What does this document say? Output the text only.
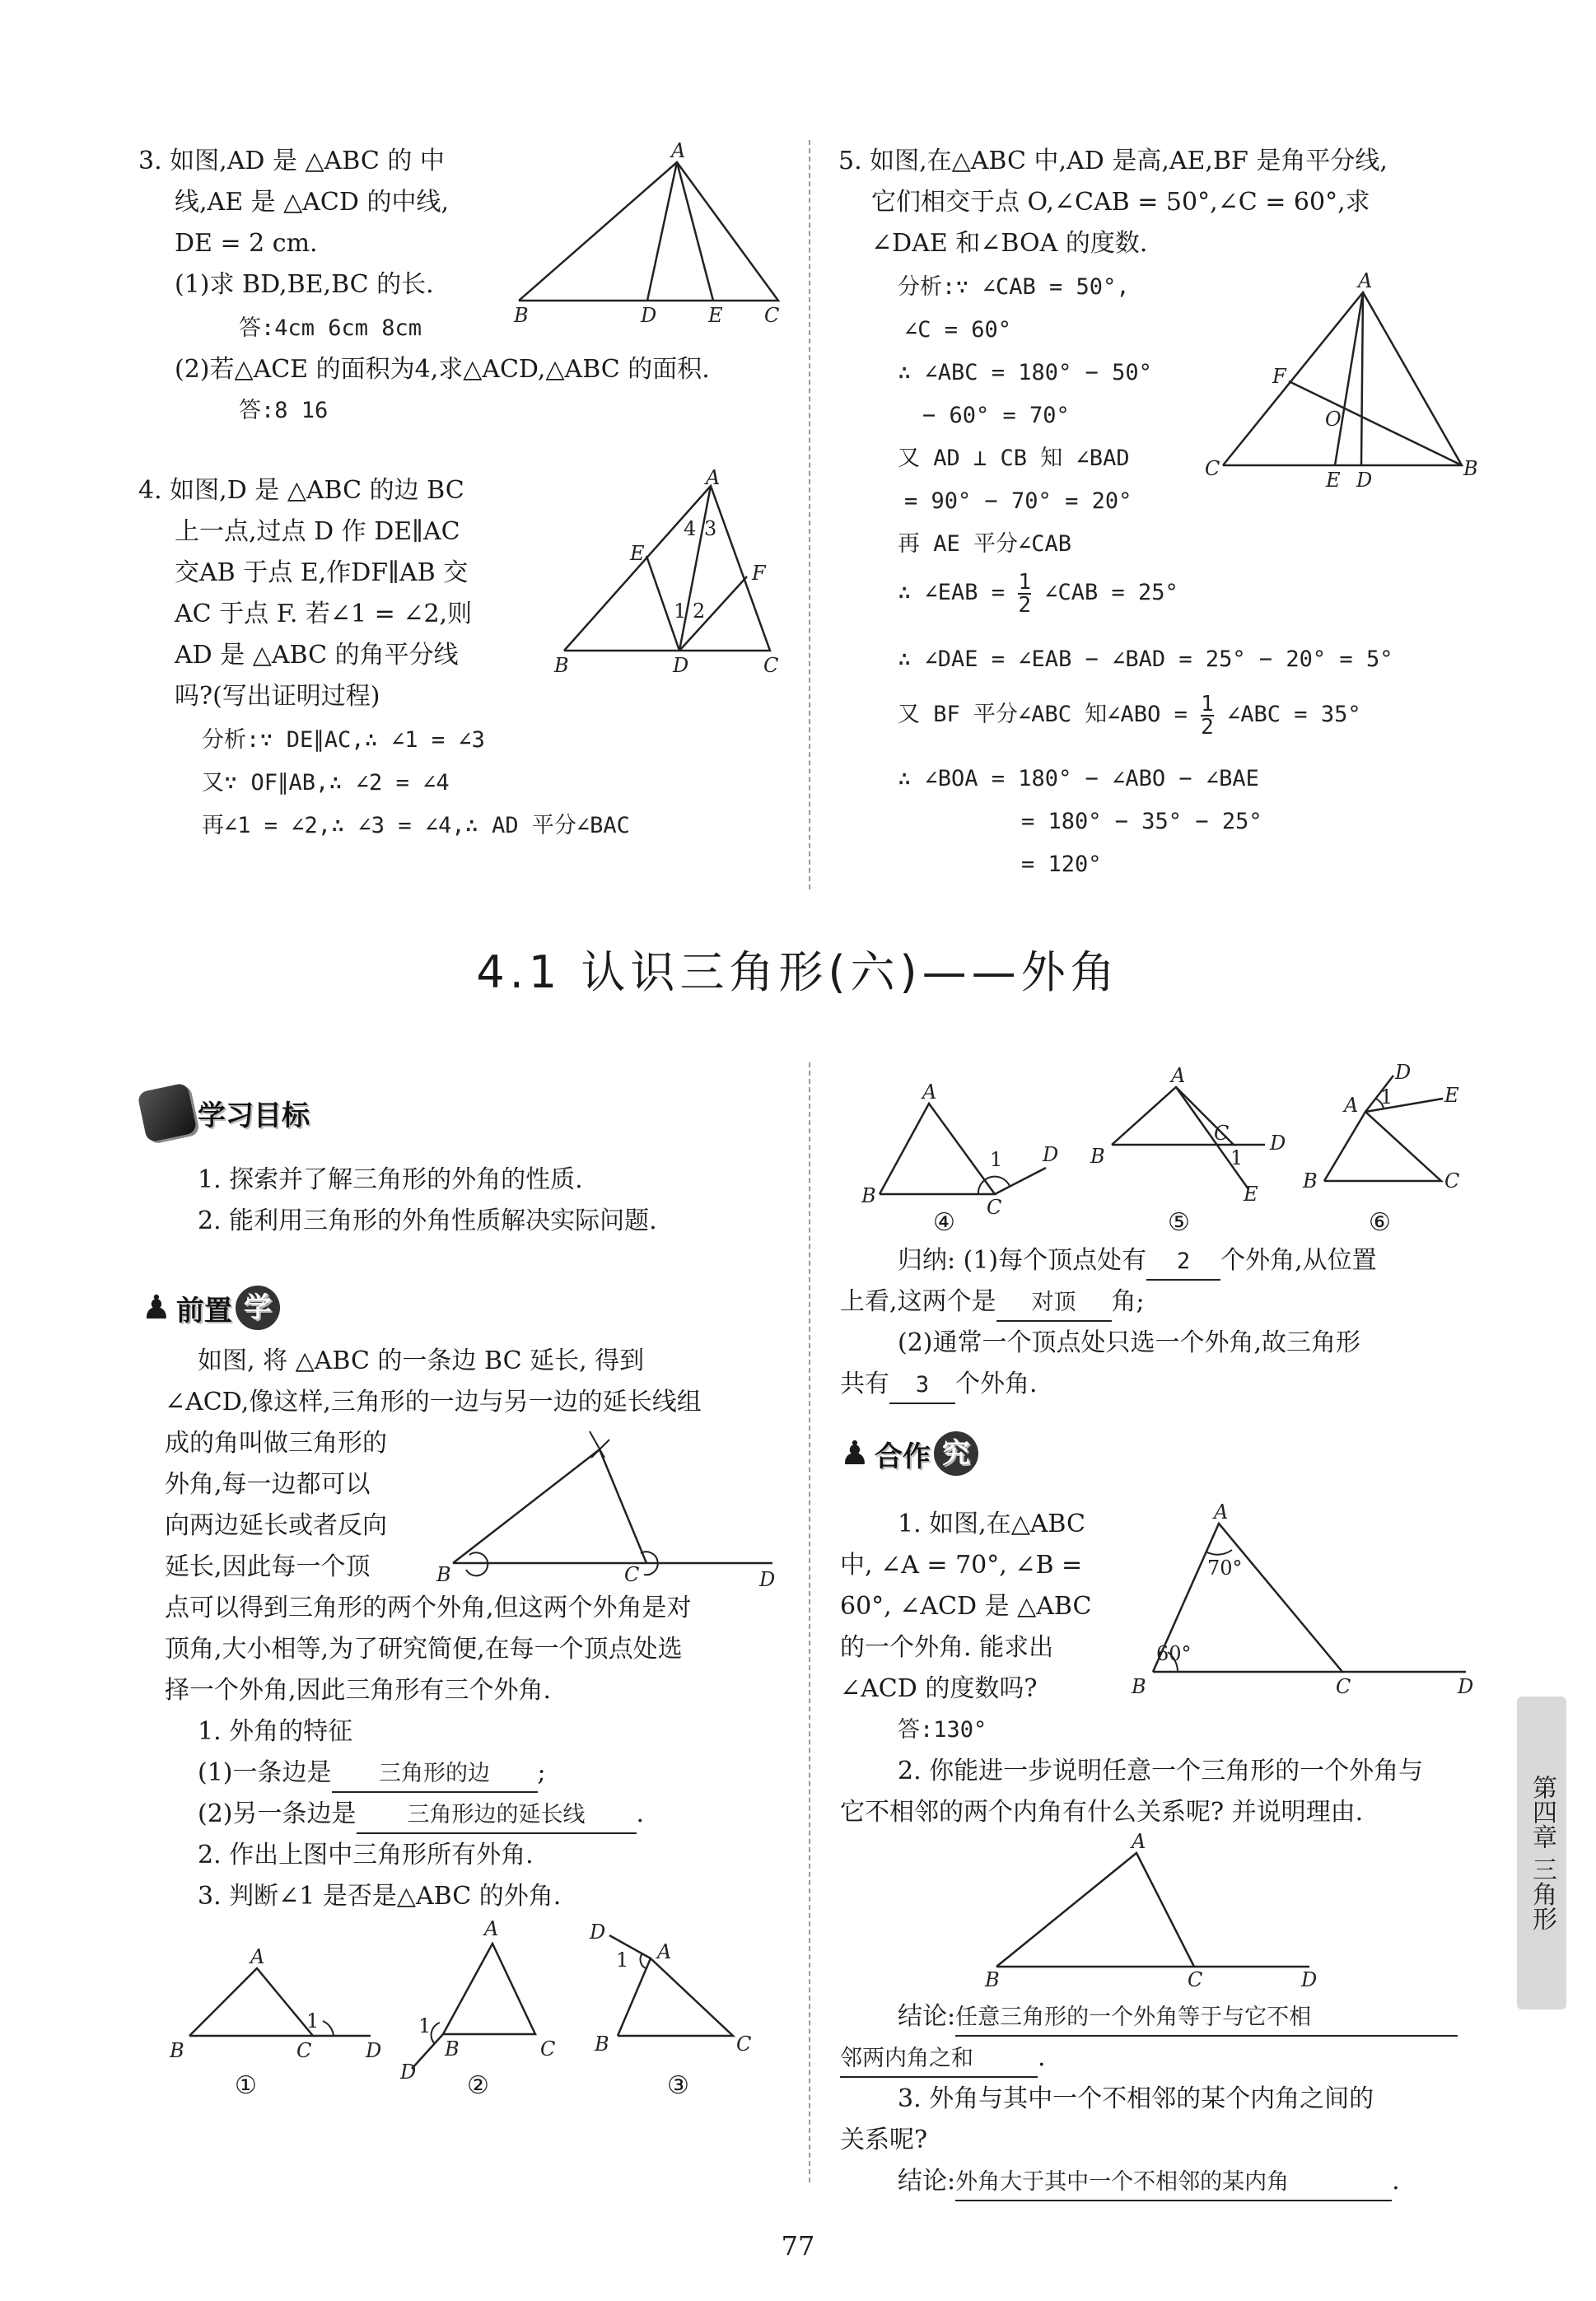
3. 如图,AD 是 △ABC 的 中
线,AE 是 △ACD 的中线,
DE = 2 cm.
(1)求 BD,BE,BC 的长.
答:4cm 6cm 8cm
(2)若△ACE 的面积为4,求△ACD,△ABC 的面积.
答:8 16
A
B	D	E C
4. 如图,D 是 △ABC 的边 BC
上一点,过点 D 作 DE∥AC
交AB 于点 E,作DF∥AB 交
AC 于点 F. 若∠1 = ∠2,则
AD 是 △ABC 的角平分线
吗?(写出证明过程)
分析:∵ DE∥AC,∴ ∠1 = ∠3
又∵ OF∥AB,∴ ∠2 = ∠4
再∠1 = ∠2,∴ ∠3 = ∠4,∴ AD 平分∠BAC
A
B	D	C
E
F
4 3
1 2
5. 如图,在△ABC 中,AD 是高,AE,BF 是角平分线,
它们相交于点 O,∠CAB = 50°,∠C = 60°,求
∠DAE 和∠BOA 的度数.
分析:∵ ∠CAB = 50°,
∠C = 60°
∴ ∠ABC = 180° − 50°
− 60° = 70°
又 AD ⊥ CB 知 ∠BAD
= 90° − 70° = 20°
再 AE 平分∠CAB
∴ ∠EAB = $\frac{1}{2}$ ∠CAB = 25°
∴ ∠DAE = ∠EAB − ∠BAD = 25° − 20° = 5°
又 BF 平分∠ABC 知∠ABO = $\frac{1}{2}$ ∠ABC = 35°
∴ ∠BOA = 180° − ∠ABO − ∠BAE
= 180° − 35° − 25°
= 120°
A
C	B
F
O
E D
4.1 认识三角形(六)——外角
学习目标
1. 探索并了解三角形的外角的性质.
2. 能利用三角形的外角性质解决实际问题.
♟ 前置 学
如图, 将 △ABC 的一条边 BC 延长, 得到
∠ACD,像这样,三角形的一边与另一边的延长线组
成的角叫做三角形的
外角,每一边都可以
向两边延长或者反向
延长,因此每一个顶
点可以得到三角形的两个外角,但这两个外角是对
顶角,大小相等,为了研究简便,在每一个顶点处选
择一个外角,因此三角形有三个外角.
B	C	D
1. 外角的特征
(1)一条边是 三角形的边 ;
(2)另一条边是 三角形边的延长线 .
2. 作出上图中三角形所有外角.
3. 判断∠1 是否是△ABC 的外角.
A
B	C	D
1
A
B	C
D
1
A
B	C
D
1
①	②	③
A
B	C
D
1
A
B
C D
E
1
A
B	C
D
E
1
④	⑤	⑥
归纳: (1)每个顶点处有 2 个外角,从位置
上看,这两个是 对顶 角;
(2)通常一个顶点处只选一个外角,故三角形
共有 3 个外角.
♟ 合作 究
1. 如图,在△ABC
中, ∠A = 70°, ∠B =
60°, ∠ACD 是 △ABC
的一个外角. 能求出
∠ACD 的度数吗?
答:130°
A
B	C	D
70°
60°
2. 你能进一步说明任意一个三角形的一个外角与
它不相邻的两个内角有什么关系呢? 并说明理由.
A
B	C	D
结论:任意三角形的一个外角等于与它不相
邻两内角之和	.
3. 外角与其中一个不相邻的某个内角之间的
关系呢?
结论:外角大于其中一个不相邻的某内角	.
第四章 三角形
77
